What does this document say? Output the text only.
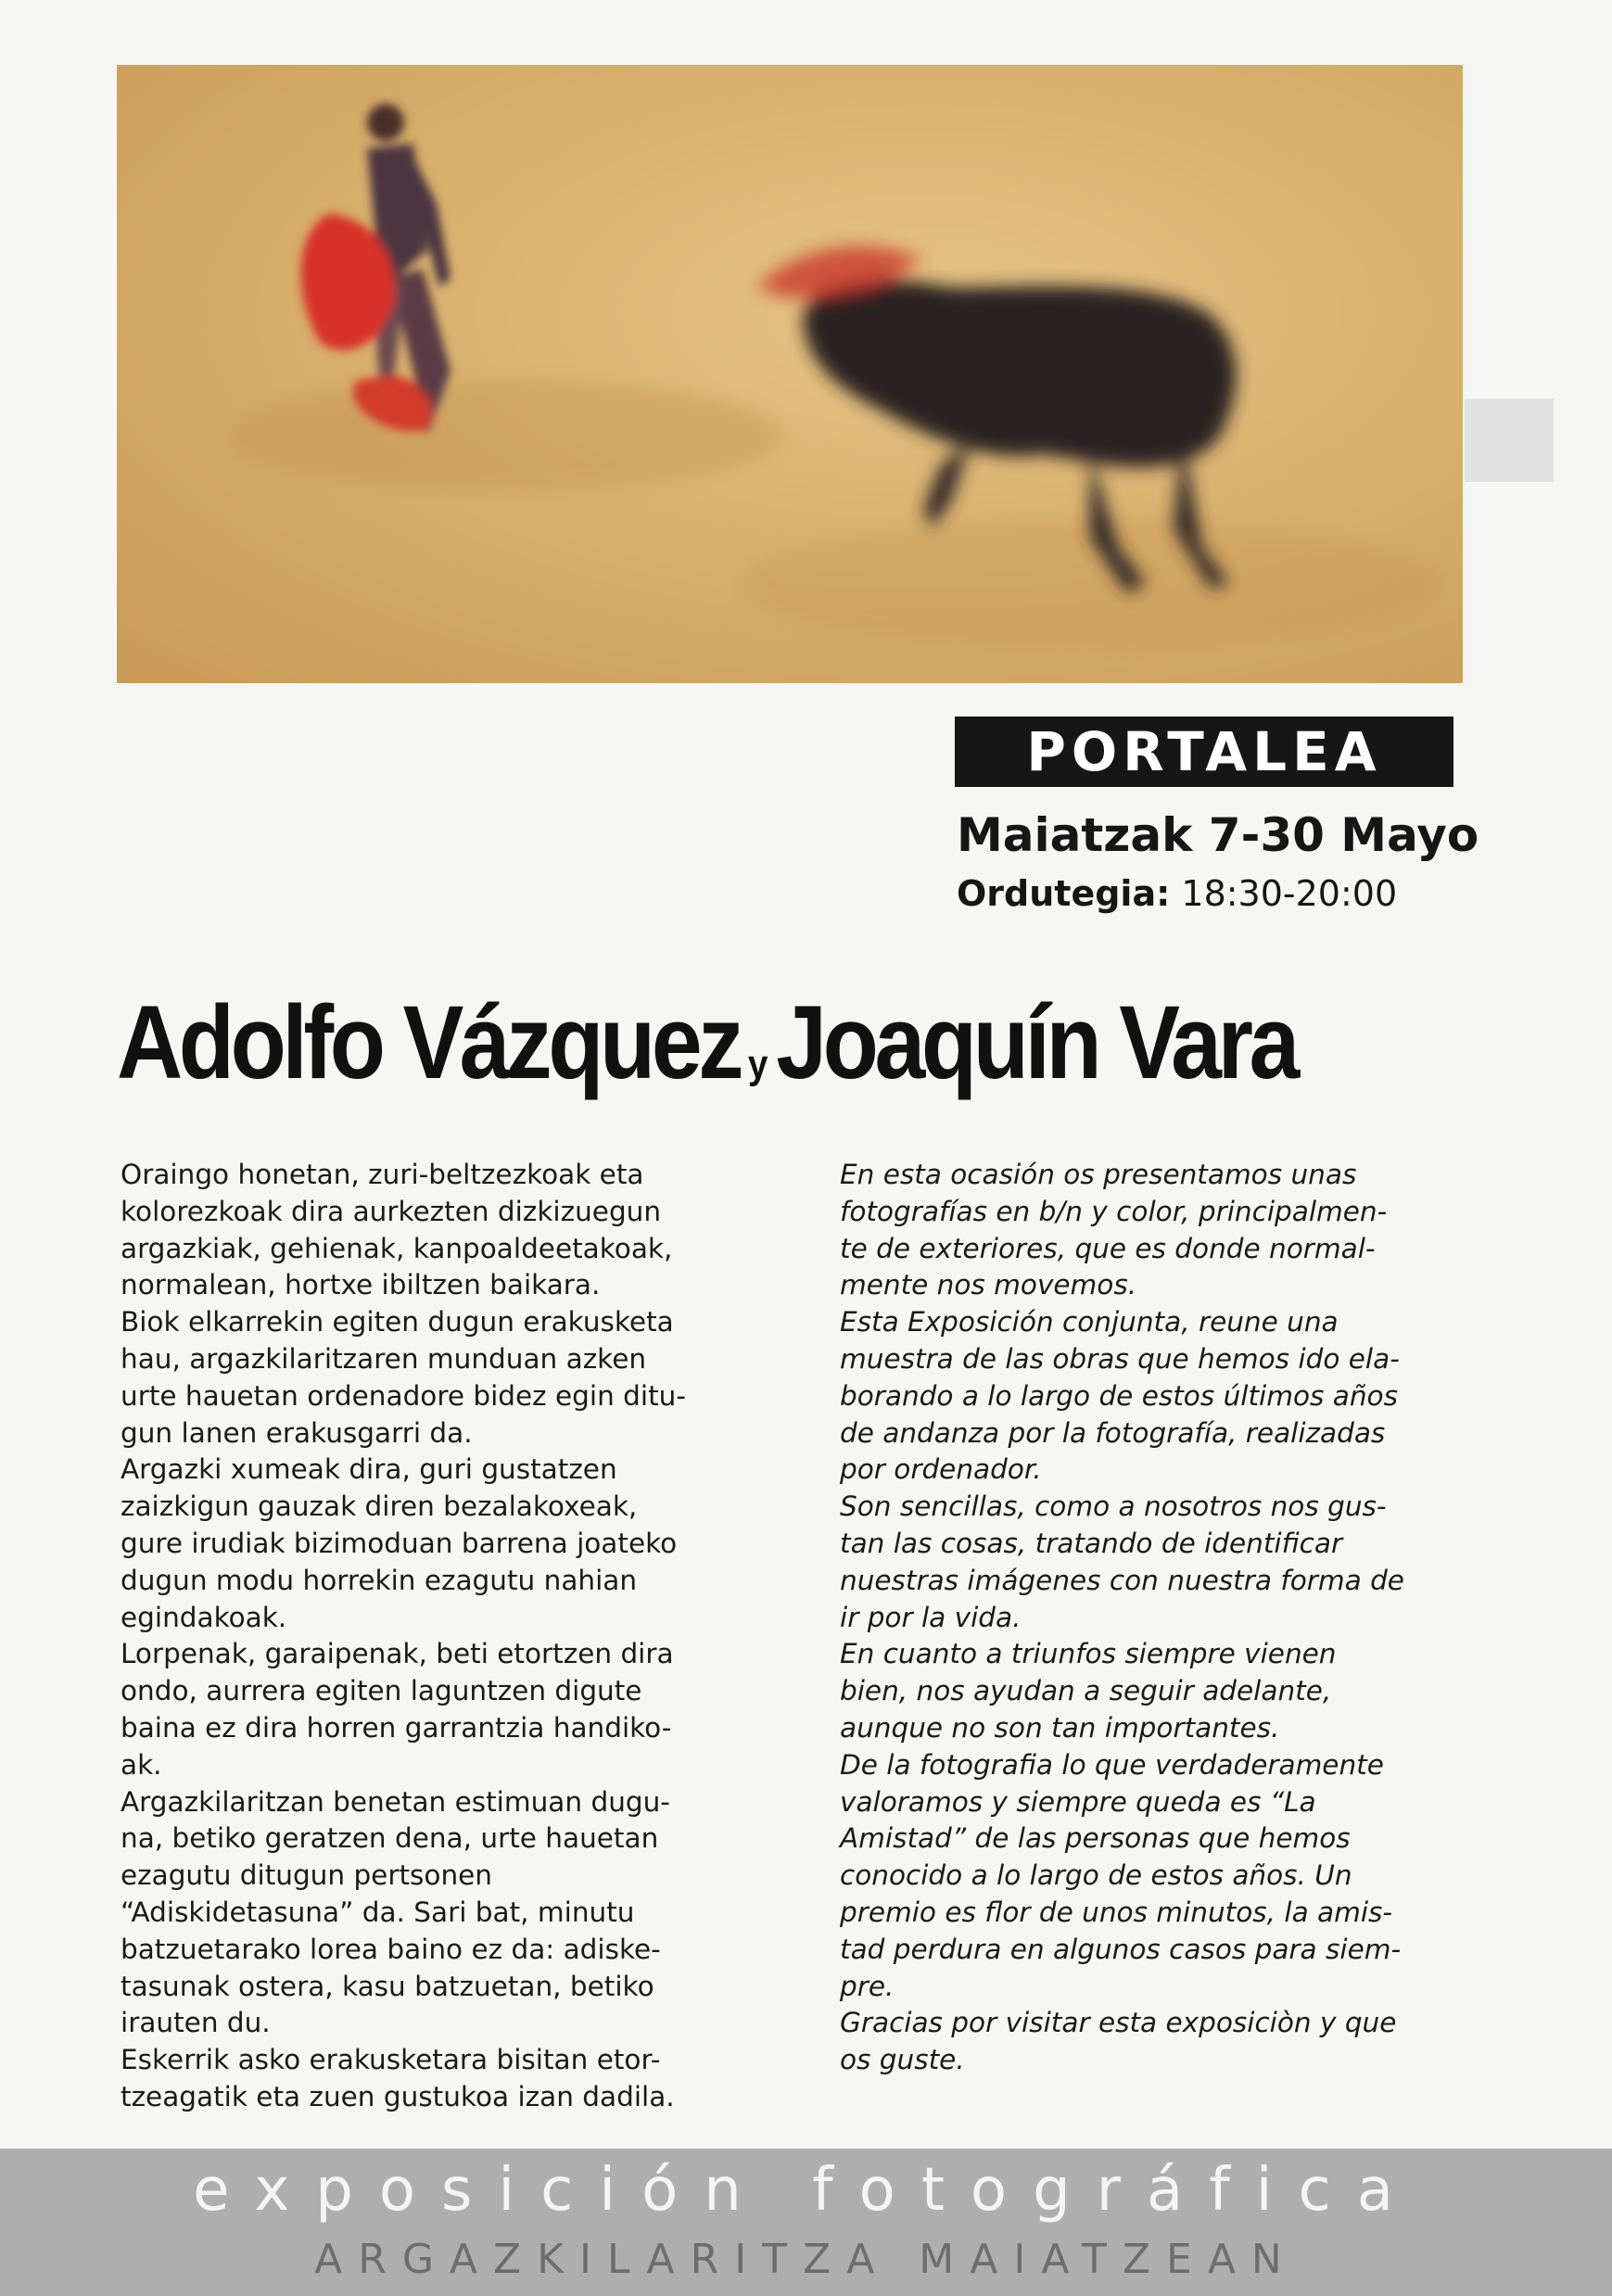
PORTALEA
Maiatzak 7-30 Mayo
Ordutegia: 18:30-20:00
Adolfo Vázquez yJoaquín Vara

Oraingo honetan, zuri-beltzezkoak eta

kolorezkoak dira aurkezten dizkizuegun

argazkiak, gehienak, kanpoaldeetakoak,

normalean, hortxe ibiltzen baikara.

Biok elkarrekin egiten dugun erakusketa

hau, argazkilaritzaren munduan azken

urte hauetan ordenadore bidez egin ditu-

gun lanen erakusgarri da.

Argazki xumeak dira, guri gustatzen

zaizkigun gauzak diren bezalakoxeak,

gure irudiak bizimoduan barrena joateko

dugun modu horrekin ezagutu nahian

egindakoak.

Lorpenak, garaipenak, beti etortzen dira

ondo, aurrera egiten laguntzen digute

baina ez dira horren garrantzia handiko-

ak.

Argazkilaritzan benetan estimuan dugu-

na, betiko geratzen dena, urte hauetan

ezagutu ditugun pertsonen

“Adiskidetasuna” da. Sari bat, minutu

batzuetarako lorea baino ez da: adiske-

tasunak ostera, kasu batzuetan, betiko

irauten du.

Eskerrik asko erakusketara bisitan etor-

tzeagatik eta zuen gustukoa izan dadila.

En esta ocasión os presentamos unas

fotografías en b/n y color, principalmen-

te de exteriores, que es donde normal-

mente nos movemos.

Esta Exposición conjunta, reune una

muestra de las obras que hemos ido ela-

borando a lo largo de estos últimos años

de andanza por la fotografía, realizadas

por ordenador.

Son sencillas, como a nosotros nos gus-

tan las cosas, tratando de identificar

nuestras imágenes con nuestra forma de

ir por la vida.

En cuanto a triunfos siempre vienen

bien, nos ayudan a seguir adelante,

aunque no son tan importantes.

De la fotografia lo que verdaderamente

valoramos y siempre queda es “La

Amistad” de las personas que hemos

conocido a lo largo de estos años. Un

premio es flor de unos minutos, la amis-

tad perdura en algunos casos para siem-

pre.

Gracias por visitar esta exposiciòn y que

os guste.

exposición fotográfica
ARGAZKILARITZA MAIATZEAN
